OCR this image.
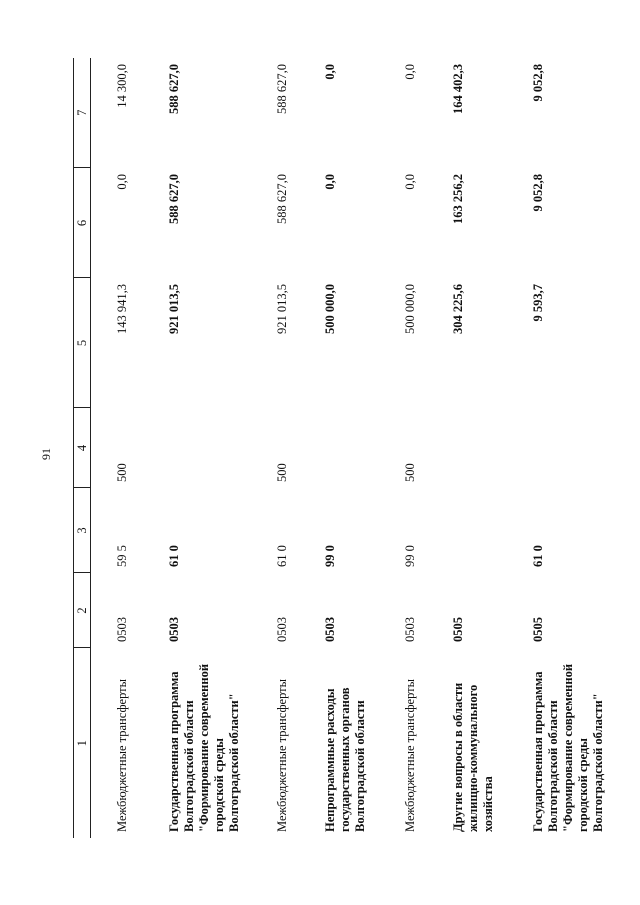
91
1	2	3	4	5	6	7
Межбюджетные трансферты	0503	59 5	500	143 941,3	0,0	14 300,0
Государственная программа Волгоградской области "Формирование современной городской среды Волгоградской области"	0503	61 0		921 013,5	588 627,0	588 627,0
Межбюджетные трансферты	0503	61 0	500	921 013,5	588 627,0	588 627,0
Непрограммные расходы государственных органов Волгоградской области	0503	99 0		500 000,0	0,0	0,0
Межбюджетные трансферты	0503	99 0	500	500 000,0	0,0	0,0
Другие вопросы в области жилищно-коммунального хозяйства	0505			304 225,6	163 256,2	164 402,3
Государственная программа Волгоградской области "Формирование современной городской среды Волгоградской области"	0505	61 0		9 593,7	9 052,8	9 052,8
